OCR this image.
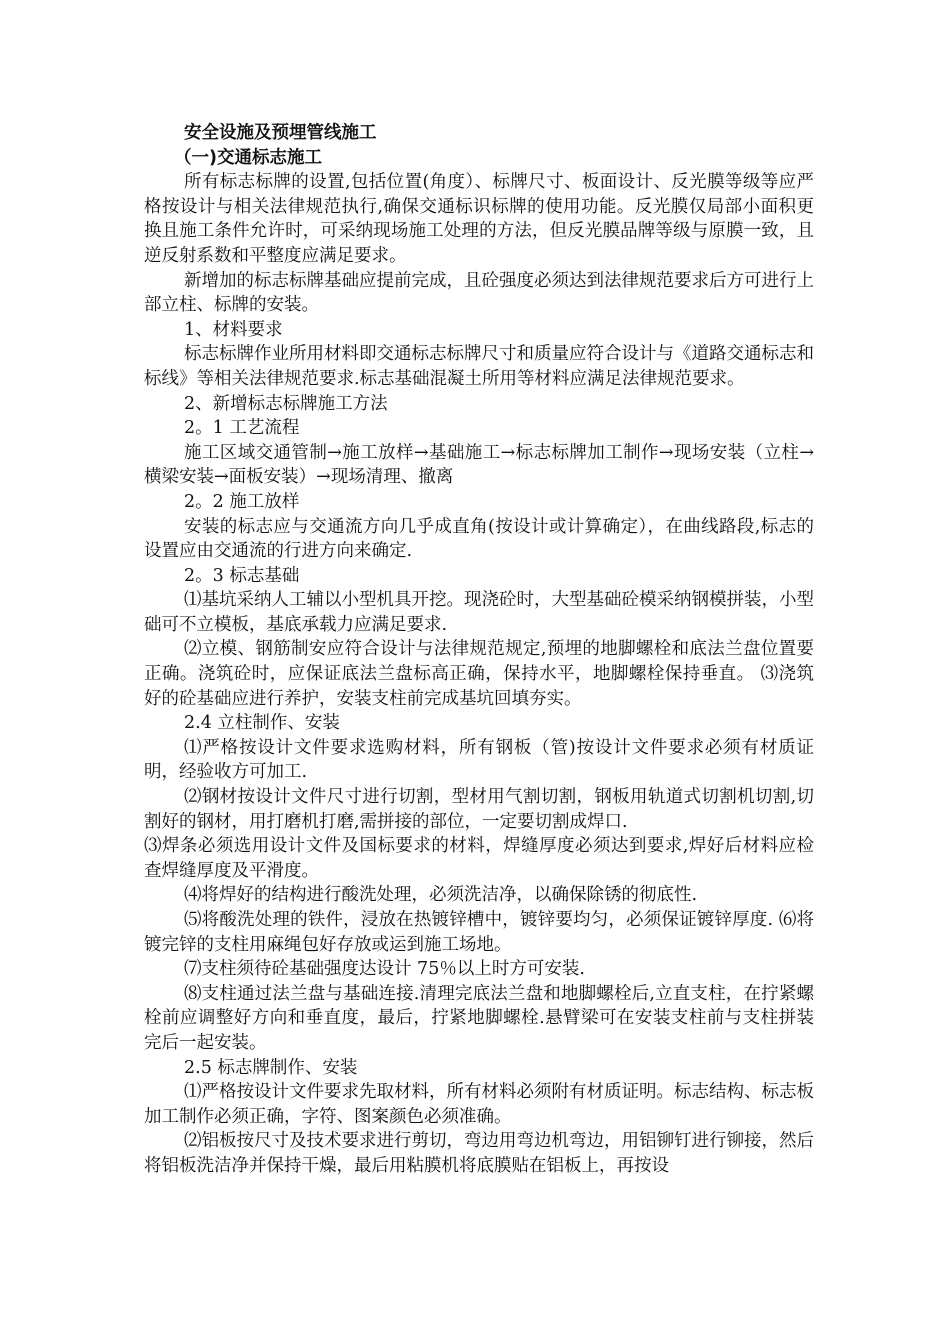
安全设施及预埋管线施工

（一)交通标志施工

所有标志标牌的设置,包括位置(角度）、标牌尺寸、板面设计、反光膜等级等应严格按设计与相关法律规范执行,确保交通标识标牌的使用功能。反光膜仅局部小面积更换且施工条件允许时，可采纳现场施工处理的方法，但反光膜品牌等级与原膜一致，且逆反射系数和平整度应满足要求。

新增加的标志标牌基础应提前完成，且砼强度必须达到法律规范要求后方可进行上部立柱、标牌的安装。

1、材料要求

标志标牌作业所用材料即交通标志标牌尺寸和质量应符合设计与《道路交通标志和标线》等相关法律规范要求.标志基础混凝土所用等材料应满足法律规范要求。

2、新增标志标牌施工方法

2。1 工艺流程

施工区域交通管制→施工放样→基础施工→标志标牌加工制作→现场安装（立柱→横梁安装→面板安装）→现场清理、撤离

2。2 施工放样

安装的标志应与交通流方向几乎成直角(按设计或计算确定），在曲线路段,标志的设置应由交通流的行进方向来确定.

2。3 标志基础

⑴基坑采纳人工辅以小型机具开挖。现浇砼时，大型基础砼模采纳钢模拼装，小型础可不立模板，基底承载力应满足要求.

⑵立模、钢筋制安应符合设计与法律规范规定,预埋的地脚螺栓和底法兰盘位置要正确。浇筑砼时，应保证底法兰盘标高正确，保持水平，地脚螺栓保持垂直。 ⑶浇筑好的砼基础应进行养护，安装支柱前完成基坑回填夯实。

2.4 立柱制作、安装

⑴严格按设计文件要求选购材料，所有钢板（管)按设计文件要求必须有材质证明，经验收方可加工.

⑵钢材按设计文件尺寸进行切割，型材用气割切割，钢板用轨道式切割机切割,切割好的钢材，用打磨机打磨,需拼接的部位，一定要切割成焊口.

⑶焊条必须选用设计文件及国标要求的材料，焊缝厚度必须达到要求,焊好后材料应检查焊缝厚度及平滑度。

⑷将焊好的结构进行酸洗处理，必须洗洁净，以确保除锈的彻底性.

⑸将酸洗处理的铁件，浸放在热镀锌槽中，镀锌要均匀，必须保证镀锌厚度. ⑹将镀完锌的支柱用麻绳包好存放或运到施工场地。

⑺支柱须待砼基础强度达设计 75％以上时方可安装.

⑻支柱通过法兰盘与基础连接.清理完底法兰盘和地脚螺栓后,立直支柱，在拧紧螺栓前应调整好方向和垂直度，最后，拧紧地脚螺栓.悬臂梁可在安装支柱前与支柱拼装完后一起安装。

2.5 标志牌制作、安装

⑴严格按设计文件要求先取材料，所有材料必须附有材质证明。标志结构、标志板加工制作必须正确，字符、图案颜色必须准确。

⑵铝板按尺寸及技术要求进行剪切，弯边用弯边机弯边，用铝铆钉进行铆接，然后将铝板洗洁净并保持干燥，最后用粘膜机将底膜贴在铝板上，再按设
